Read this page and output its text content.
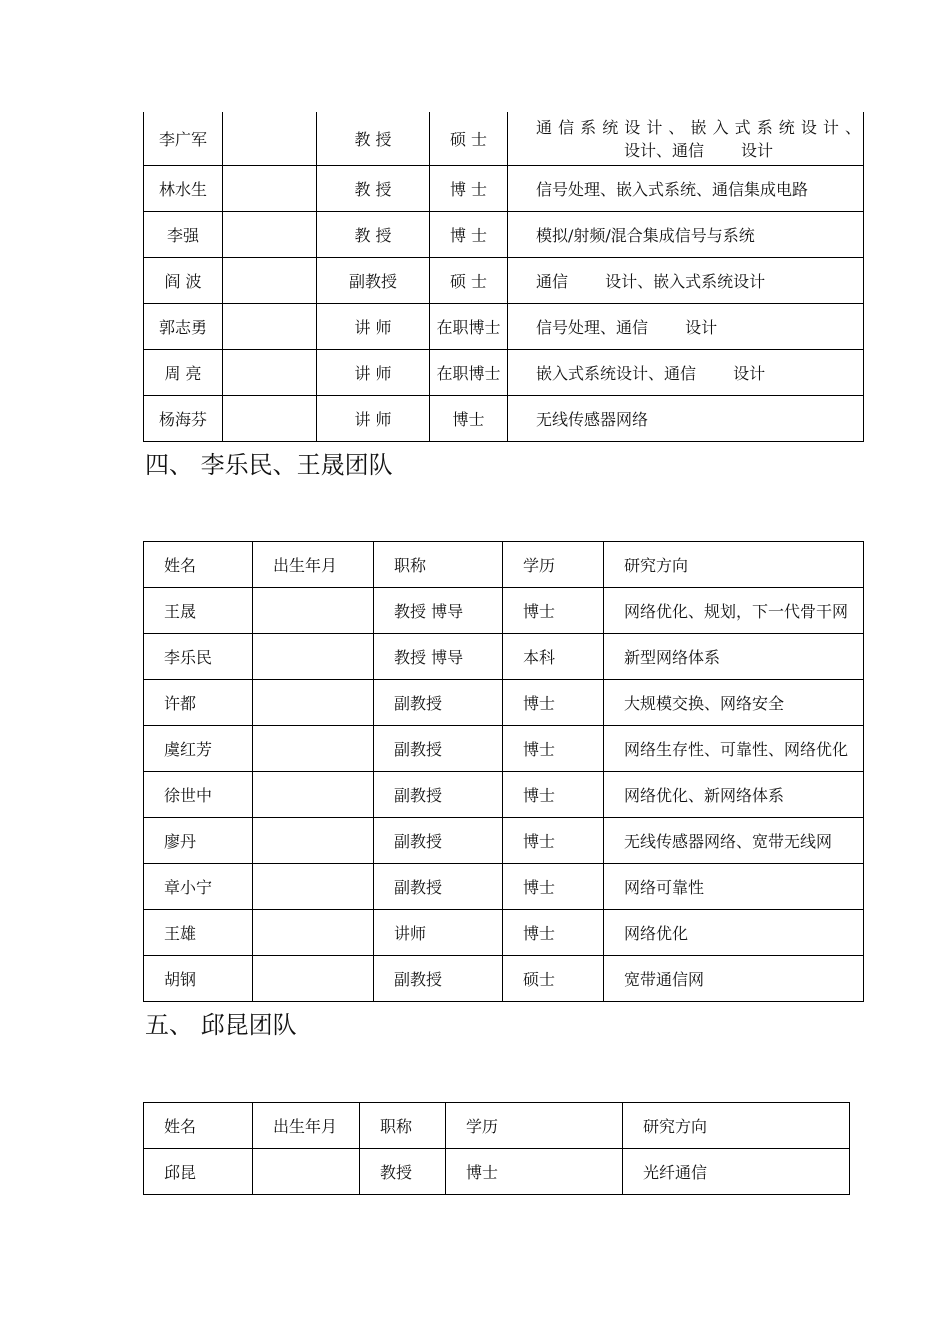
李广军		教 授	硕 士	通信系统设计、嵌入式系统设计、
设计、通信　　 设计

林水生		教 授	博 士	信号处理、嵌入式系统、通信集成电路
李强		教 授	博 士	模拟/射频/混合集成信号与系统
阎 波		副教授	硕 士	通信　　 设计、嵌入式系统设计
郭志勇		讲 师	在职博士	信号处理、通信　　 设计
周 亮		讲 师	在职博士	嵌入式系统设计、通信　　 设计
杨海芬		讲 师	博士	无线传感器网络
四、 李乐民、王晟团队
姓名	出生年月	职称	学历	研究方向
王晟		教授 博导	博士	网络优化、规划，下一代骨干网
李乐民		教授 博导	本科	新型网络体系
许都		副教授	博士	大规模交换、网络安全
虞红芳		副教授	博士	网络生存性、可靠性、网络优化
徐世中		副教授	博士	网络优化、新网络体系
廖丹		副教授	博士	无线传感器网络、宽带无线网
章小宁		副教授	博士	网络可靠性
王雄		讲师	博士	网络优化
胡钢		副教授	硕士	宽带通信网
五、 邱昆团队
姓名	出生年月	职称	学历	研究方向
邱昆		教授	博士	光纤通信
